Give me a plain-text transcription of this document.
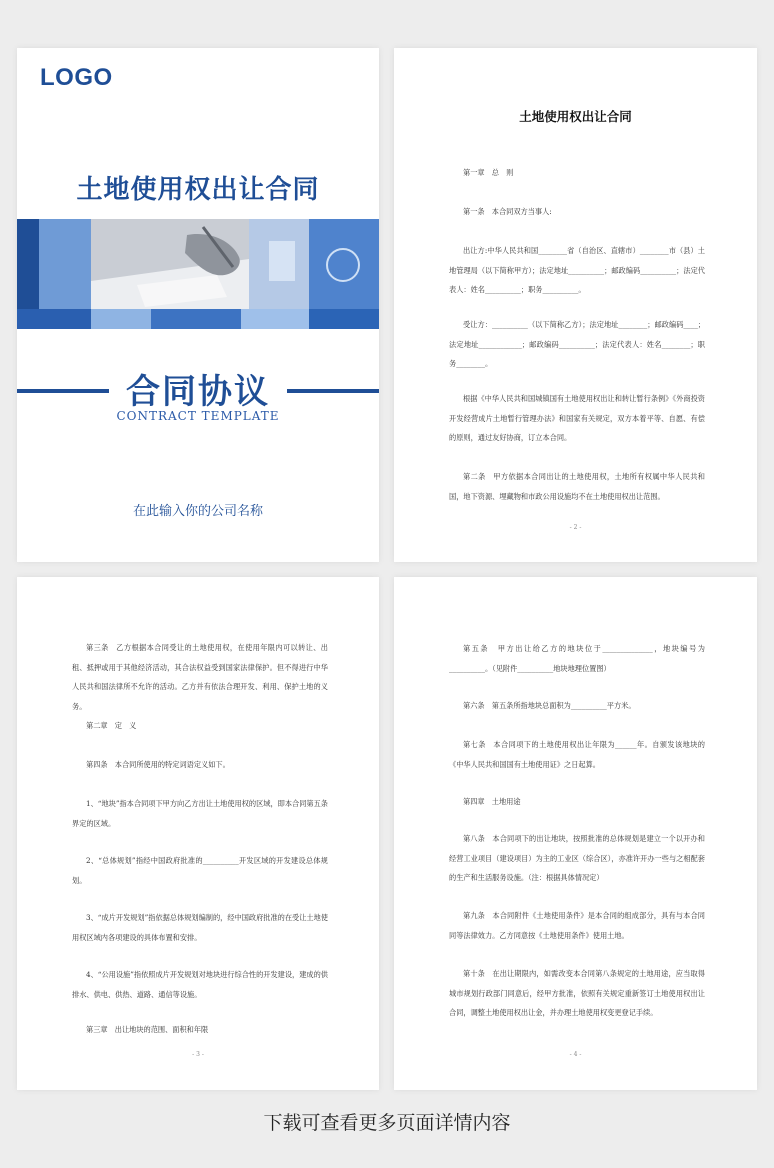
LOGO
土地使用权出让合同
合同协议
CONTRACT TEMPLATE
在此输入你的公司名称
土地使用权出让合同

第一章　总　则

第一条　本合同双方当事人:

出让方:中华人民共和国________省（自治区、直辖市）________市（县）土地管理局（以下简称甲方）；法定地址__________；邮政编码__________；法定代表人：姓名__________；职务__________。

受让方：__________（以下简称乙方）；法定地址________；邮政编码____；法定地址____________；邮政编码__________；法定代表人：姓名________；职务________。

根据《中华人民共和国城镇国有土地使用权出让和转让暂行条例》《外商投资开发经营成片土地暂行管理办法》和国家有关规定，双方本着平等、自愿、有偿的原则，通过友好协商，订立本合同。

第二条　甲方依据本合同出让的土地使用权，土地所有权属中华人民共和国，地下资源、埋藏物和市政公用设施均不在土地使用权出让范围。

- 2 -

第三条　乙方根据本合同受让的土地使用权，在使用年限内可以转让、出租、抵押或用于其他经济活动，其合法权益受到国家法律保护。但不得进行中华人民共和国法律所不允许的活动。乙方并有依法合理开发、利用、保护土地的义务。

第二章　定　义

第四条　本合同所使用的特定词语定义如下。

1、“地块”指本合同项下甲方向乙方出让土地使用权的区域，即本合同第五条界定的区域。

2、“总体规划”指经中国政府批准的__________开发区域的开发建设总体规划。

3、“成片开发规划”指依据总体规划编制的，经中国政府批准的在受让土地使用权区域内各项建设的具体布置和安排。

4、“公用设施”指依照成片开发规划对地块进行综合性的开发建设，建成的供排水、供电、供热、道路、通信等设施。

第三章　出让地块的范围、面积和年限

- 3 -

第五条　甲方出让给乙方的地块位于______________，地块编号为__________。（见附件__________地块地理位置图）

第六条　第五条所指地块总面积为__________平方米。

第七条　本合同项下的土地使用权出让年限为______年。自颁发该地块的《中华人民共和国国有土地使用证》之日起算。

第四章　土地用途

第八条　本合同项下的出让地块，按照批准的总体规划是建立一个以开办和经营工业项目（建设项目）为主的工业区（综合区），亦准许开办一些与之相配套的生产和生活服务设施。（注：根据具体情况定）

第九条　本合同附件《土地使用条件》是本合同的组成部分，具有与本合同同等法律效力。乙方同意按《土地使用条件》使用土地。

第十条　在出让期限内，如需改变本合同第八条规定的土地用途，应当取得城市规划行政部门同意后，经甲方批准，依照有关规定重新签订土地使用权出让合同，调整土地使用权出让金，并办理土地使用权变更登记手续。

- 4 -
下载可查看更多页面详情内容
